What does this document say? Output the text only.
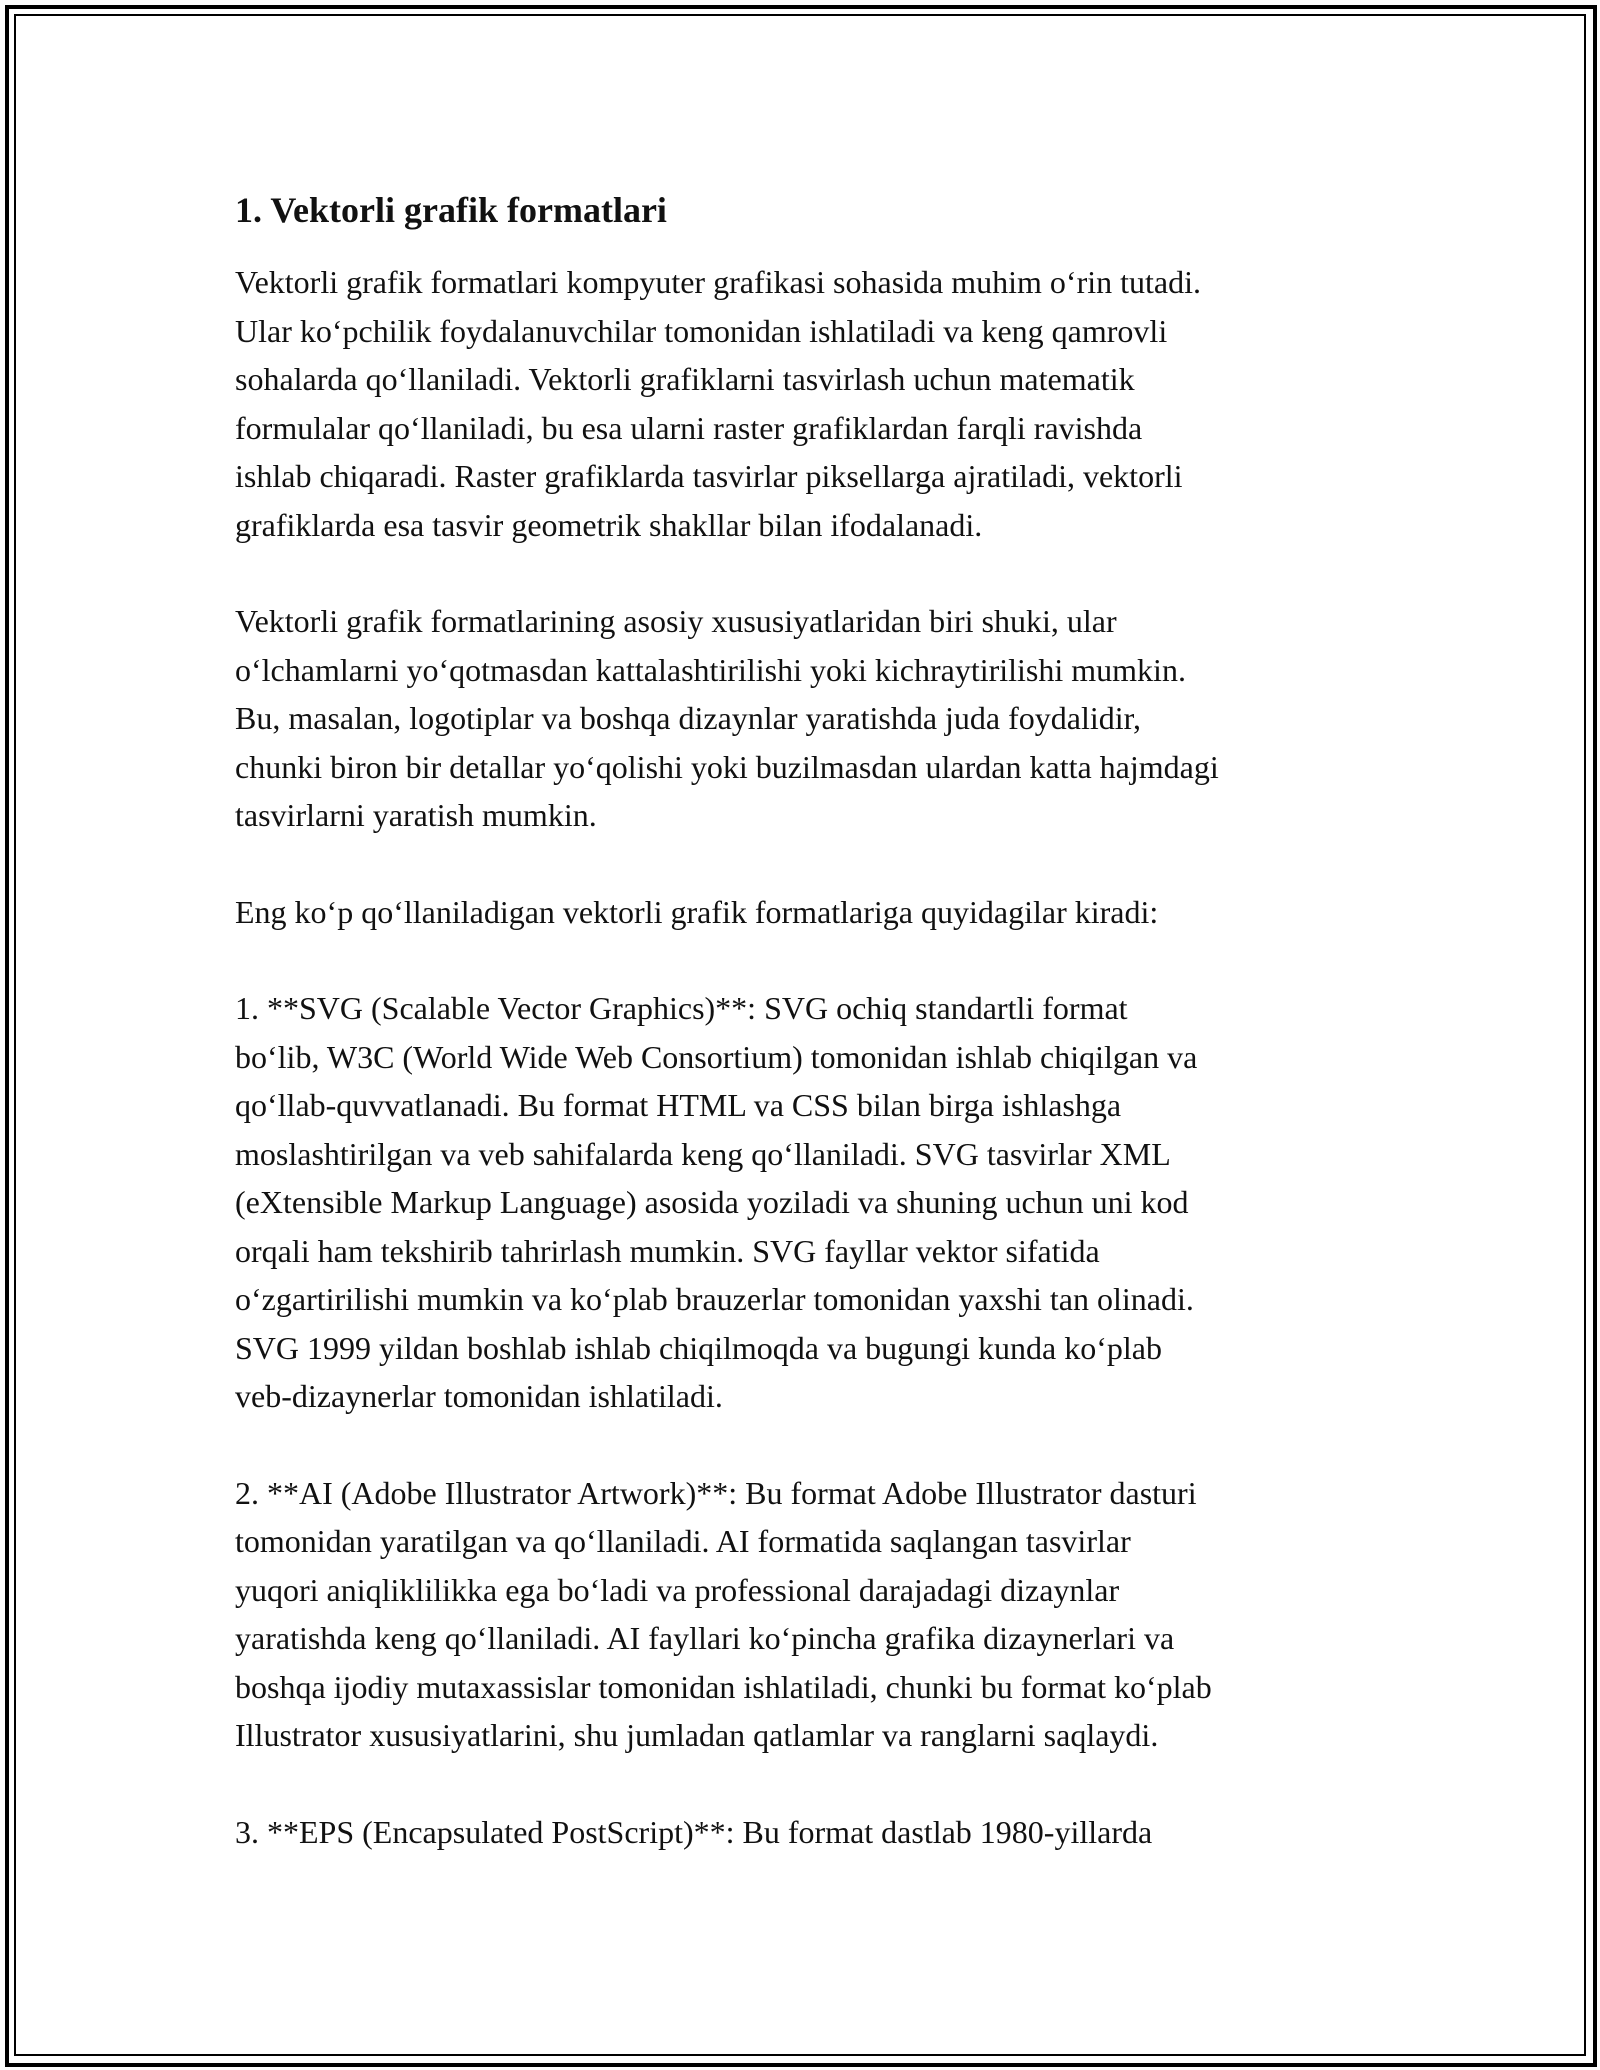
1. Vektorli grafik formatlari

Vektorli grafik formatlari kompyuter grafikasi sohasida muhim o‘rin tutadi.
Ular ko‘pchilik foydalanuvchilar tomonidan ishlatiladi va keng qamrovli
sohalarda qo‘llaniladi. Vektorli grafiklarni tasvirlash uchun matematik
formulalar qo‘llaniladi, bu esa ularni raster grafiklardan farqli ravishda
ishlab chiqaradi. Raster grafiklarda tasvirlar piksellarga ajratiladi, vektorli
grafiklarda esa tasvir geometrik shakllar bilan ifodalanadi.

Vektorli grafik formatlarining asosiy xususiyatlaridan biri shuki, ular
o‘lchamlarni yo‘qotmasdan kattalashtirilishi yoki kichraytirilishi mumkin.
Bu, masalan, logotiplar va boshqa dizaynlar yaratishda juda foydalidir,
chunki biron bir detallar yo‘qolishi yoki buzilmasdan ulardan katta hajmdagi
tasvirlarni yaratish mumkin.

Eng ko‘p qo‘llaniladigan vektorli grafik formatlariga quyidagilar kiradi:

1. **SVG (Scalable Vector Graphics)**: SVG ochiq standartli format
bo‘lib, W3C (World Wide Web Consortium) tomonidan ishlab chiqilgan va
qo‘llab-quvvatlanadi. Bu format HTML va CSS bilan birga ishlashga
moslashtirilgan va veb sahifalarda keng qo‘llaniladi. SVG tasvirlar XML
(eXtensible Markup Language) asosida yoziladi va shuning uchun uni kod
orqali ham tekshirib tahrirlash mumkin. SVG fayllar vektor sifatida
o‘zgartirilishi mumkin va ko‘plab brauzerlar tomonidan yaxshi tan olinadi.
SVG 1999 yildan boshlab ishlab chiqilmoqda va bugungi kunda ko‘plab
veb-dizaynerlar tomonidan ishlatiladi.

2. **AI (Adobe Illustrator Artwork)**: Bu format Adobe Illustrator dasturi
tomonidan yaratilgan va qo‘llaniladi. AI formatida saqlangan tasvirlar
yuqori aniqliklilikka ega bo‘ladi va professional darajadagi dizaynlar
yaratishda keng qo‘llaniladi. AI fayllari ko‘pincha grafika dizaynerlari va
boshqa ijodiy mutaxassislar tomonidan ishlatiladi, chunki bu format ko‘plab
Illustrator xususiyatlarini, shu jumladan qatlamlar va ranglarni saqlaydi.

3. **EPS (Encapsulated PostScript)**: Bu format dastlab 1980-yillarda
